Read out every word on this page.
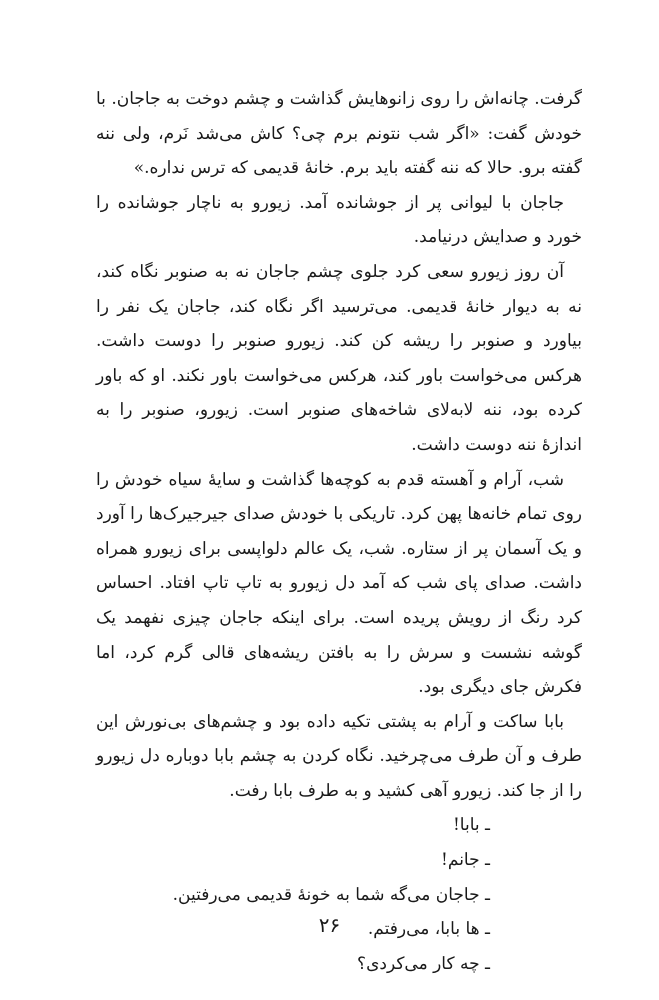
گرفت. چانه‌اش را روی زانوهایش گذاشت و چشم دوخت به جاجان. با خودش گفت: «اگر شب نتونم برم چی؟ کاش می‌شد نَرم، ولی ننه گفته برو. حالا که ننه گفته باید برم. خانهٔ قدیمی که ترس نداره.»

جاجان با لیوانی پر از جوشانده آمد. زیورو به ناچار جوشانده را خورد و صدایش درنیامد.

آن روز زیورو سعی کرد جلوی چشم جاجان نه به صنوبر نگاه کند، نه به دیوار خانهٔ قدیمی. می‌ترسید اگر نگاه کند، جاجان یک نفر را بیاورد و صنوبر را ریشه کن کند. زیورو صنوبر را دوست داشت. هرکس می‌خواست باور کند، هرکس می‌خواست باور نکند. او که باور کرده بود، ننه لا‌به‌لای شاخه‌های صنوبر است. زیورو، صنوبر را به اندازهٔ ننه دوست داشت.

شب، آرام و آهسته قدم به کوچه‌ها گذاشت و سایهٔ سیاه خودش را روی تمام خانه‌ها پهن کرد. تاریکی با خودش صدای جیرجیرک‌ها را آورد و یک آسمان پر از ستاره. شب، یک عالم دلواپسی برای زیورو همراه داشت. صدای پای شب که آمد دل زیورو به تاپ تاپ افتاد. احساس کرد رنگ از رویش پریده است. برای اینکه جاجان چیزی نفهمد یک گوشه نشست و سرش را به بافتن ریشه‌های قالی گرم کرد، اما فکرش جای دیگری بود.

بابا ساکت و آرام به پشتی تکیه داده بود و چشم‌های بی‌نورش این طرف و آن طرف می‌چرخید. نگاه کردن به چشم بابا دوباره دل زیورو را از جا کند. زیورو آهی کشید و به طرف بابا رفت.

ـ بابا!

ـ جانم!

ـ جاجان می‌گه شما به خونهٔ قدیمی می‌رفتین.

ـ ها بابا، می‌رفتم.

ـ چه کار می‌کردی؟

۲۶
